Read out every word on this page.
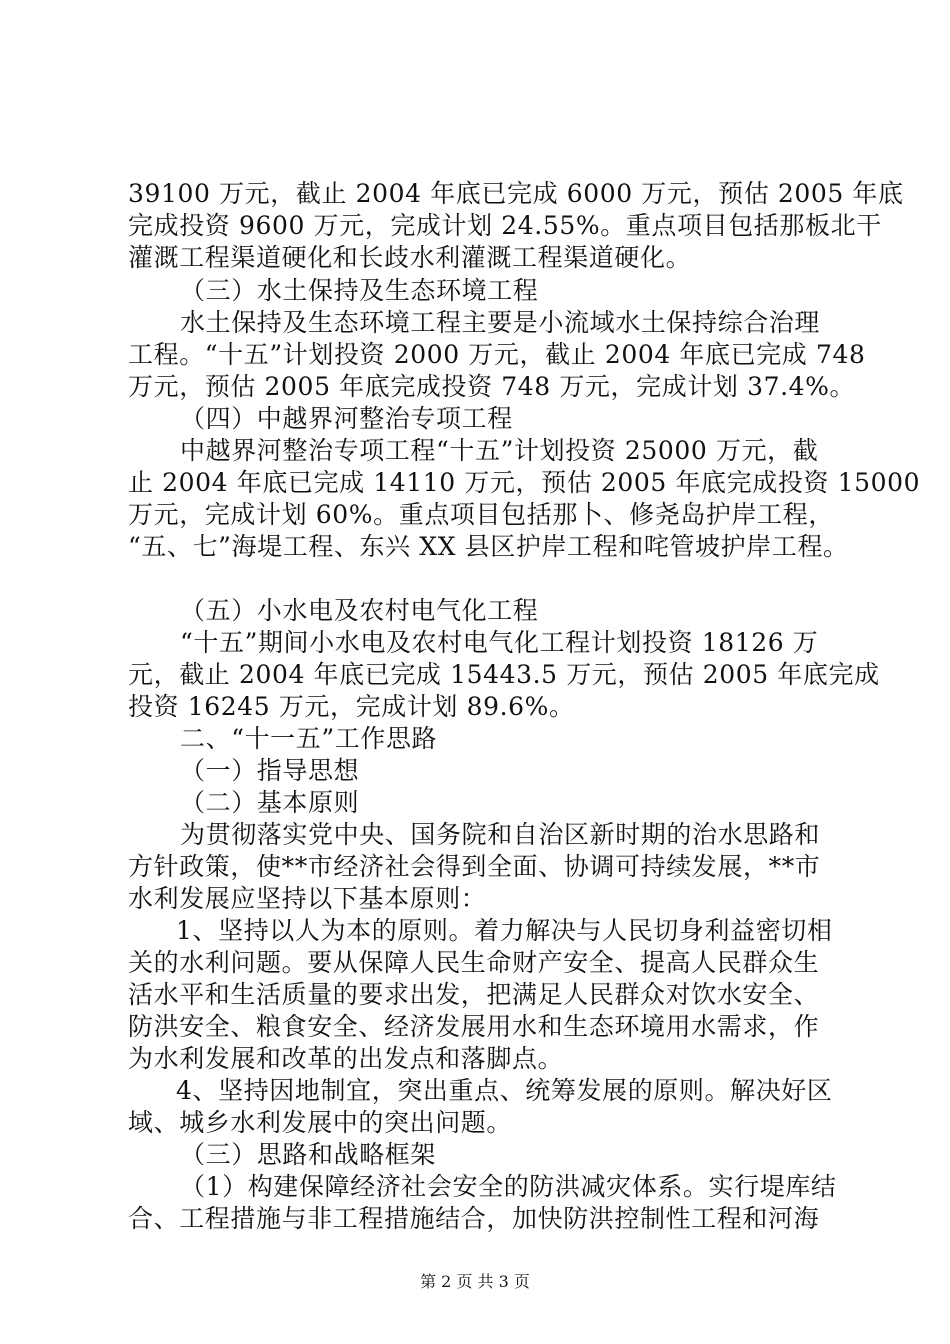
39100 万元，截止 2004 年底已完成 6000 万元，预估 2005 年底
完成投资 9600 万元，完成计划 24.55%。重点项目包括那板北干
灌溉工程渠道硬化和长歧水利灌溉工程渠道硬化。
（三）水土保持及生态环境工程
水土保持及生态环境工程主要是小流域水土保持综合治理
工程。“十五”计划投资 2000 万元，截止 2004 年底已完成 748
万元，预估 2005 年底完成投资 748 万元，完成计划 37.4%。
（四）中越界河整治专项工程
中越界河整治专项工程“十五”计划投资 25000 万元，截
止 2004 年底已完成 14110 万元，预估 2005 年底完成投资 15000
万元，完成计划 60%。重点项目包括那卜、修尧岛护岸工程，
“五、七”海堤工程、东兴 XX 县区护岸工程和咤管坡护岸工程。
（五）小水电及农村电气化工程
“十五”期间小水电及农村电气化工程计划投资 18126 万
元，截止 2004 年底已完成 15443.5 万元，预估 2005 年底完成
投资 16245 万元，完成计划 89.6%。
二、“十一五”工作思路
（一）指导思想
（二）基本原则
为贯彻落实党中央、国务院和自治区新时期的治水思路和
方针政策，使**市经济社会得到全面、协调可持续发展，**市
水利发展应坚持以下基本原则：
1、坚持以人为本的原则。着力解决与人民切身利益密切相
关的水利问题。要从保障人民生命财产安全、提高人民群众生
活水平和生活质量的要求出发，把满足人民群众对饮水安全、
防洪安全、粮食安全、经济发展用水和生态环境用水需求，作
为水利发展和改革的出发点和落脚点。
4、坚持因地制宜，突出重点、统筹发展的原则。解决好区
域、城乡水利发展中的突出问题。
（三）思路和战略框架
（1）构建保障经济社会安全的防洪减灾体系。实行堤库结
合、工程措施与非工程措施结合，加快防洪控制性工程和河海
第 2 页 共 3 页
